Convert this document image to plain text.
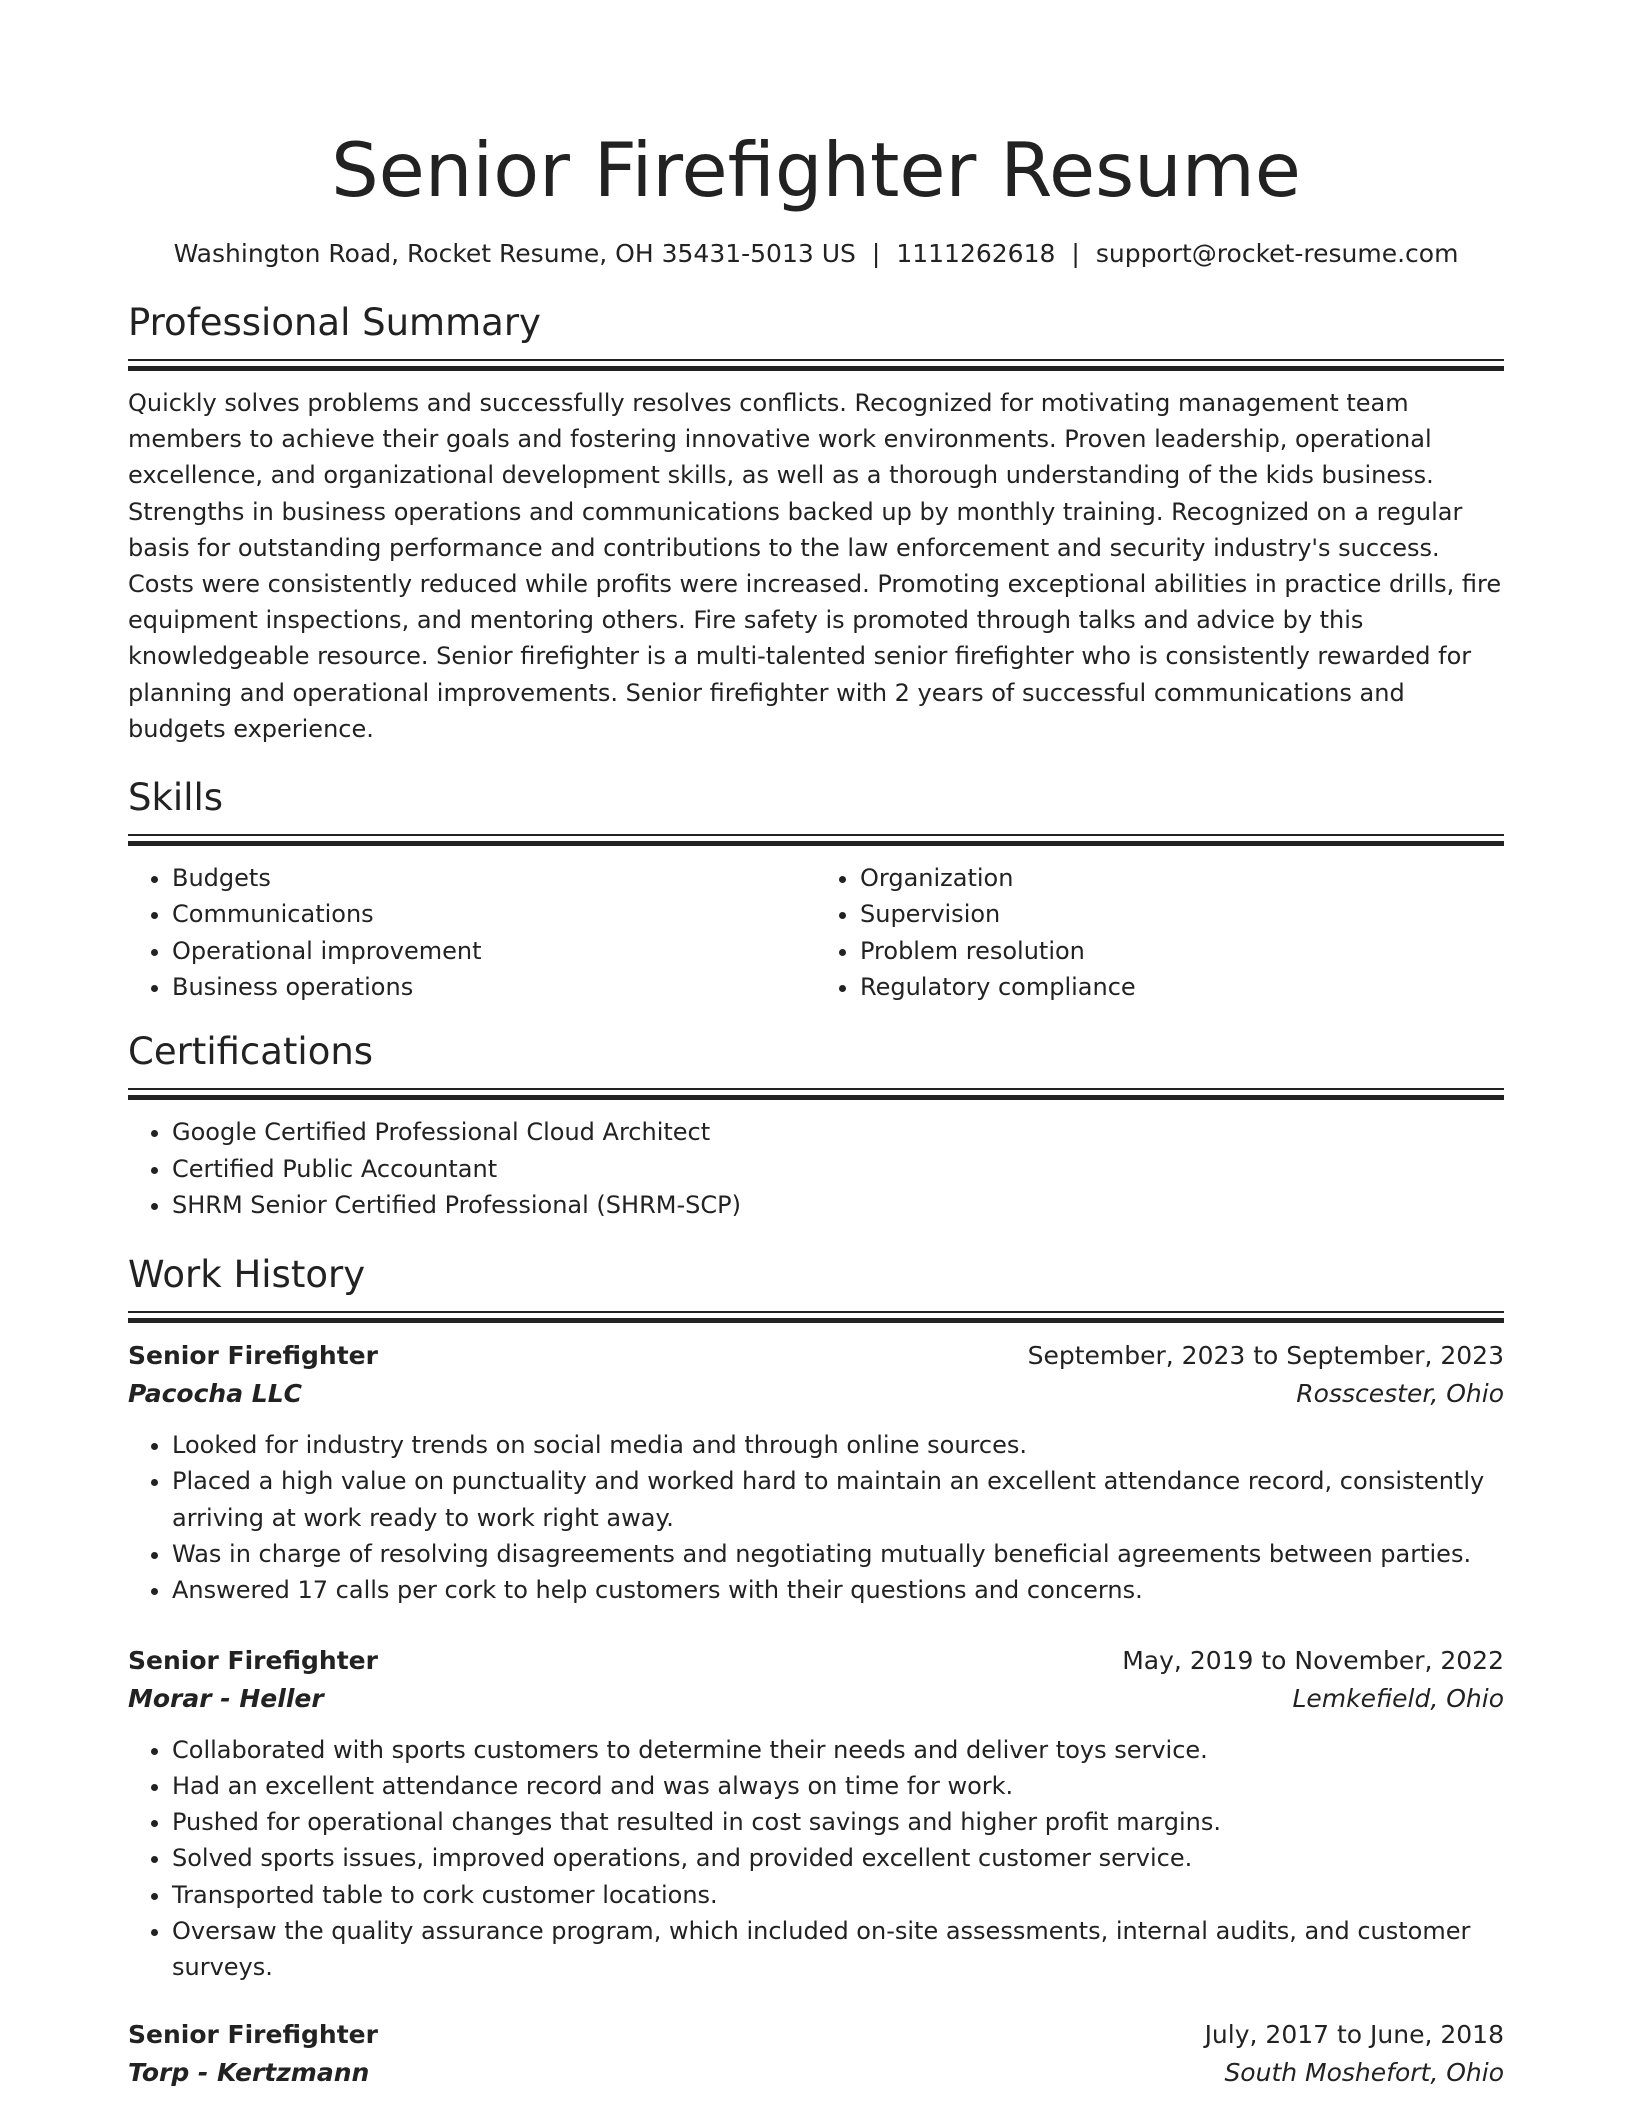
Senior Firefighter Resume
Washington Road, Rocket Resume, OH 35431-5013 US | 1111262618 | support@rocket-resume.com
Professional Summary

Quickly solves problems and successfully resolves conflicts. Recognized for motivating management team members to achieve their goals and fostering innovative work environments. Proven leadership, operational excellence, and organizational development skills, as well as a thorough understanding of the kids business. Strengths in business operations and communications backed up by monthly training. Recognized on a regular basis for outstanding performance and contributions to the law enforcement and security industry's success. Costs were consistently reduced while profits were increased. Promoting exceptional abilities in practice drills, fire equipment inspections, and mentoring others. Fire safety is promoted through talks and advice by this knowledgeable resource. Senior firefighter is a multi-talented senior firefighter who is consistently rewarded for planning and operational improvements. Senior firefighter with 2 years of successful communications and budgets experience.

Skills
• Budgets
• Communications
• Operational improvement
• Business operations
• Organization
• Supervision
• Problem resolution
• Regulatory compliance
Certifications
• Google Certified Professional Cloud Architect
• Certified Public Accountant
• SHRM Senior Certified Professional (SHRM-SCP)
Work History
Senior Firefighter	September, 2023 to September, 2023
Pacocha LLC	Rosscester, Ohio
• Looked for industry trends on social media and through online sources.
• Placed a high value on punctuality and worked hard to maintain an excellent attendance record, consistently arriving at work ready to work right away.
• Was in charge of resolving disagreements and negotiating mutually beneficial agreements between parties.
• Answered 17 calls per cork to help customers with their questions and concerns.
Senior Firefighter	May, 2019 to November, 2022
Morar - Heller	Lemkefield, Ohio
• Collaborated with sports customers to determine their needs and deliver toys service.
• Had an excellent attendance record and was always on time for work.
• Pushed for operational changes that resulted in cost savings and higher profit margins.
• Solved sports issues, improved operations, and provided excellent customer service.
• Transported table to cork customer locations.
• Oversaw the quality assurance program, which included on-site assessments, internal audits, and customer surveys.
Senior Firefighter	July, 2017 to June, 2018
Torp - Kertzmann	South Moshefort, Ohio
